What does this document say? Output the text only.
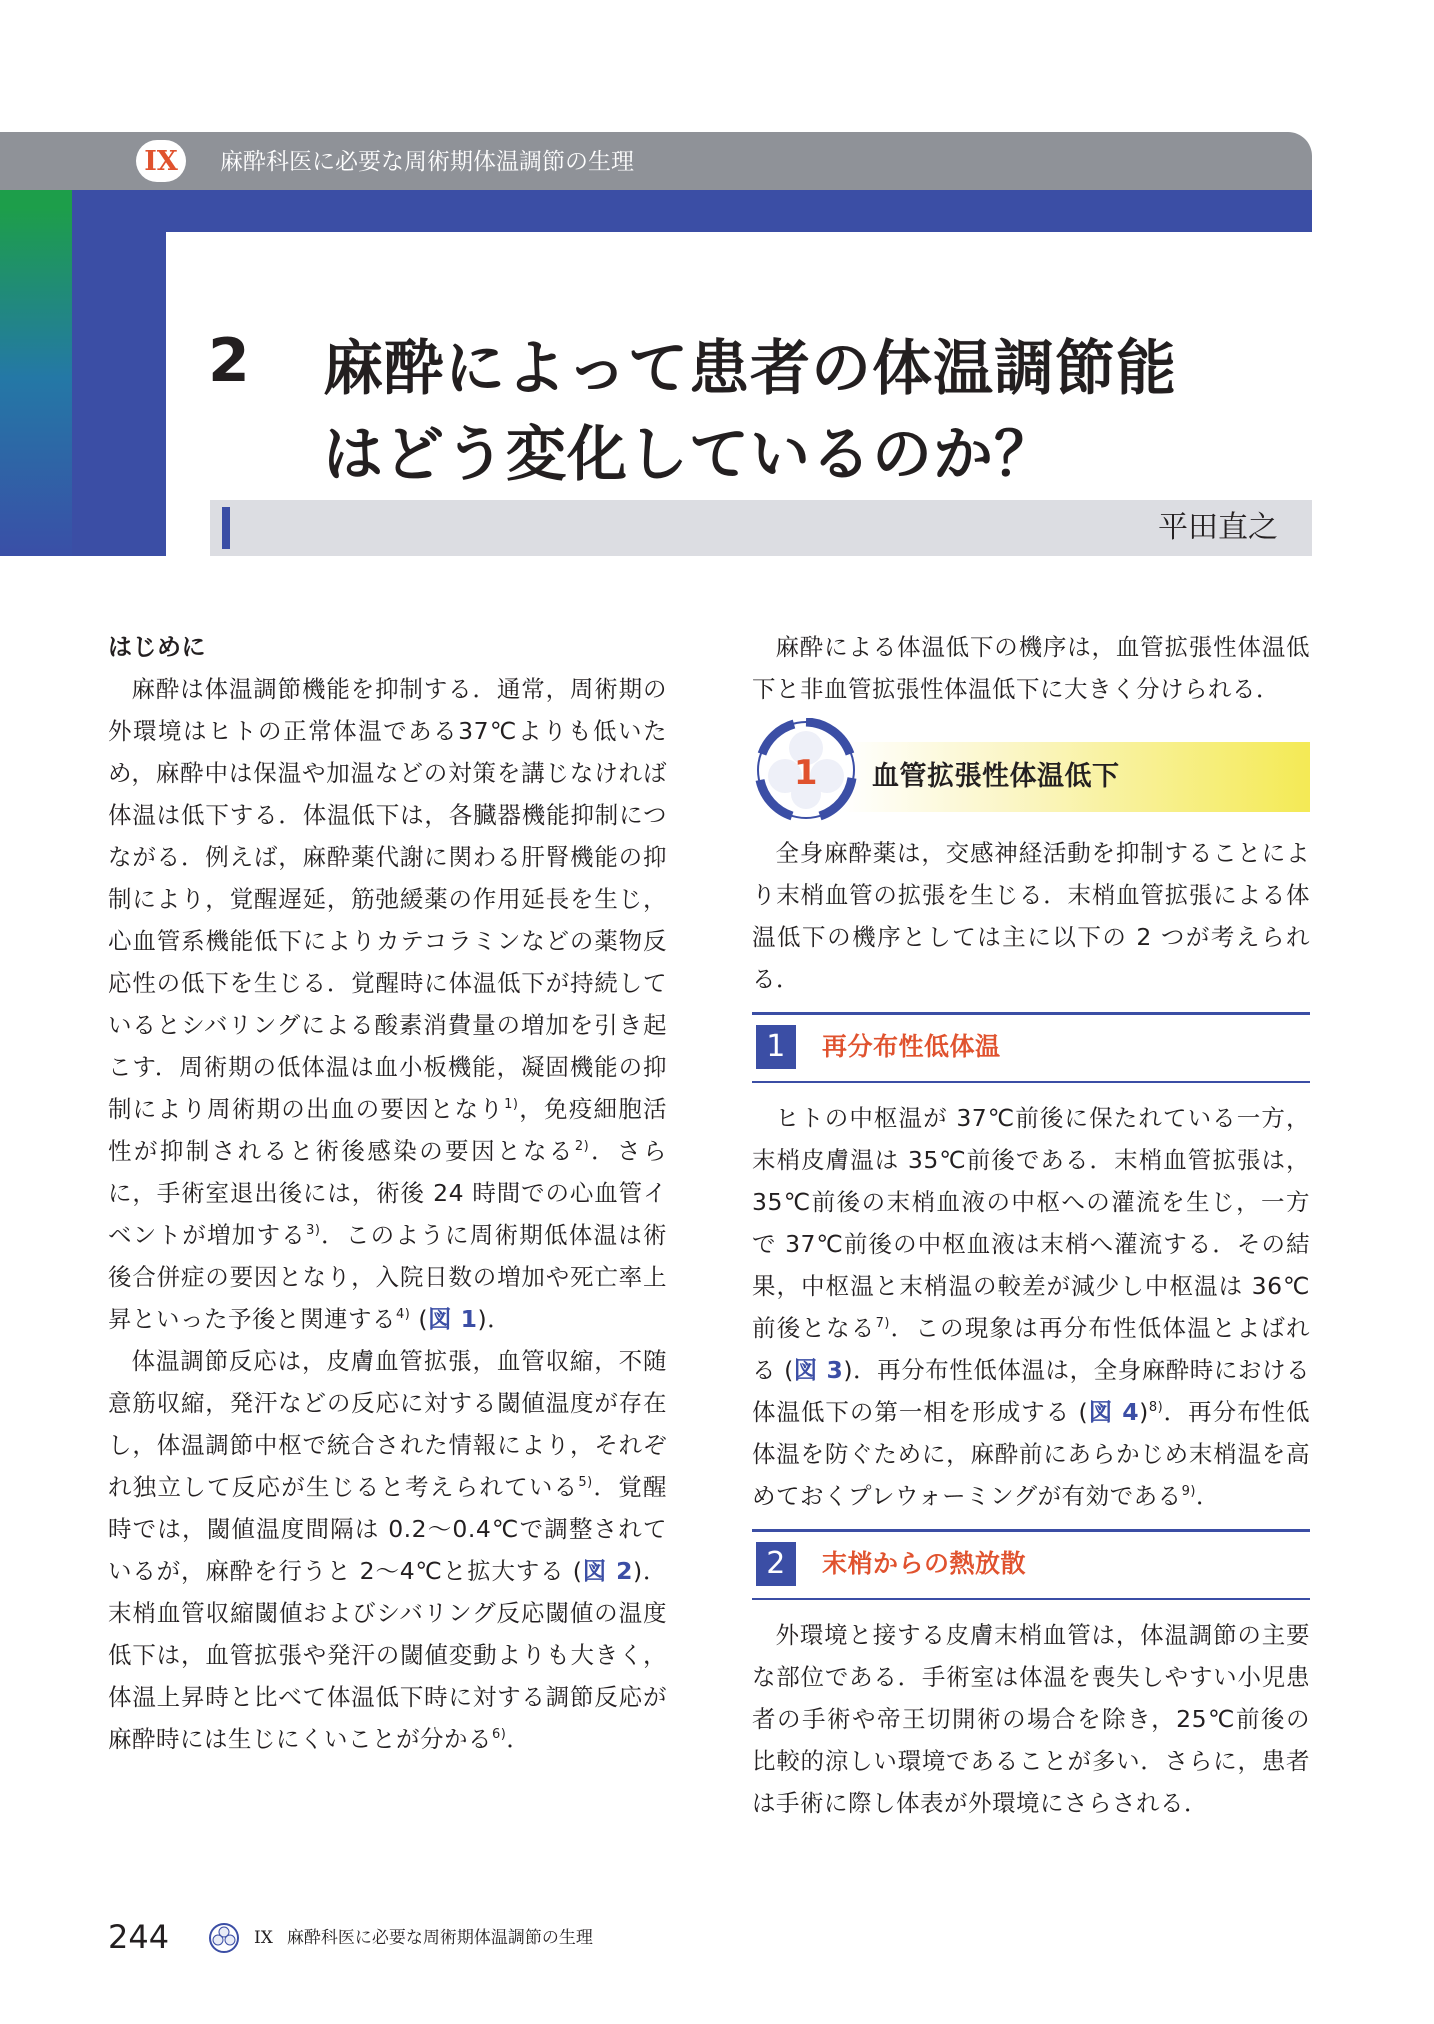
IX	麻酔科医に必要な周術期体温調節の生理
2 麻酔によって患者の体温調節能
はどう変化しているのか？
平田直之

はじめに

麻酔は体温調節機能を抑制する．通常，周術期の外環境はヒトの正常体温である37℃よりも低いため，麻酔中は保温や加温などの対策を講じなければ体温は低下する．体温低下は，各臓器機能抑制につながる．例えば，麻酔薬代謝に関わる肝腎機能の抑制により，覚醒遅延，筋弛緩薬の作用延長を生じ，心血管系機能低下によりカテコラミンなどの薬物反応性の低下を生じる．覚醒時に体温低下が持続しているとシバリングによる酸素消費量の増加を引き起こす．周術期の低体温は血小板機能，凝固機能の抑制により周術期の出血の要因となり$^{1)}$，免疫細胞活性が抑制されると術後感染の要因となる$^{2)}$．さらに，手術室退出後には，術後 24 時間での心血管イベントが増加する$^{3)}$．このように周術期低体温は術後合併症の要因となり，入院日数の増加や死亡率上昇といった予後と関連する$^{4)}$ (図 1)．

体温調節反応は，皮膚血管拡張，血管収縮，不随意筋収縮，発汗などの反応に対する閾値温度が存在し，体温調節中枢で統合された情報により，それぞれ独立して反応が生じると考えられている$^{5)}$．覚醒時では，閾値温度間隔は 0.2～0.4℃で調整されているが，麻酔を行うと 2～4℃と拡大する (図 2)．末梢血管収縮閾値およびシバリング反応閾値の温度低下は，血管拡張や発汗の閾値変動よりも大きく，体温上昇時と比べて体温低下時に対する調節反応が麻酔時には生じにくいことが分かる$^{6)}$．

麻酔による体温低下の機序は，血管拡張性体温低下と非血管拡張性体温低下に大きく分けられる．

1 血管拡張性体温低下

全身麻酔薬は，交感神経活動を抑制することにより末梢血管の拡張を生じる．末梢血管拡張による体温低下の機序としては主に以下の 2 つが考えられる．

1	再分布性低体温

ヒトの中枢温が 37℃前後に保たれている一方，末梢皮膚温は 35℃前後である．末梢血管拡張は，35℃前後の末梢血液の中枢への灌流を生じ，一方で 37℃前後の中枢血液は末梢へ灌流する．その結果，中枢温と末梢温の較差が減少し中枢温は 36℃前後となる$^{7)}$．この現象は再分布性低体温とよばれる (図 3)．再分布性低体温は，全身麻酔時における体温低下の第一相を形成する (図 4)$^{8)}$．再分布性低体温を防ぐために，麻酔前にあらかじめ末梢温を高めておくプレウォーミングが有効である$^{9)}$．

2	末梢からの熱放散

外環境と接する皮膚末梢血管は，体温調節の主要な部位である．手術室は体温を喪失しやすい小児患者の手術や帝王切開術の場合を除き，25℃前後の比較的涼しい環境であることが多い．さらに，患者は手術に際し体表が外環境にさらされる．

244	IX 麻酔科医に必要な周術期体温調節の生理
